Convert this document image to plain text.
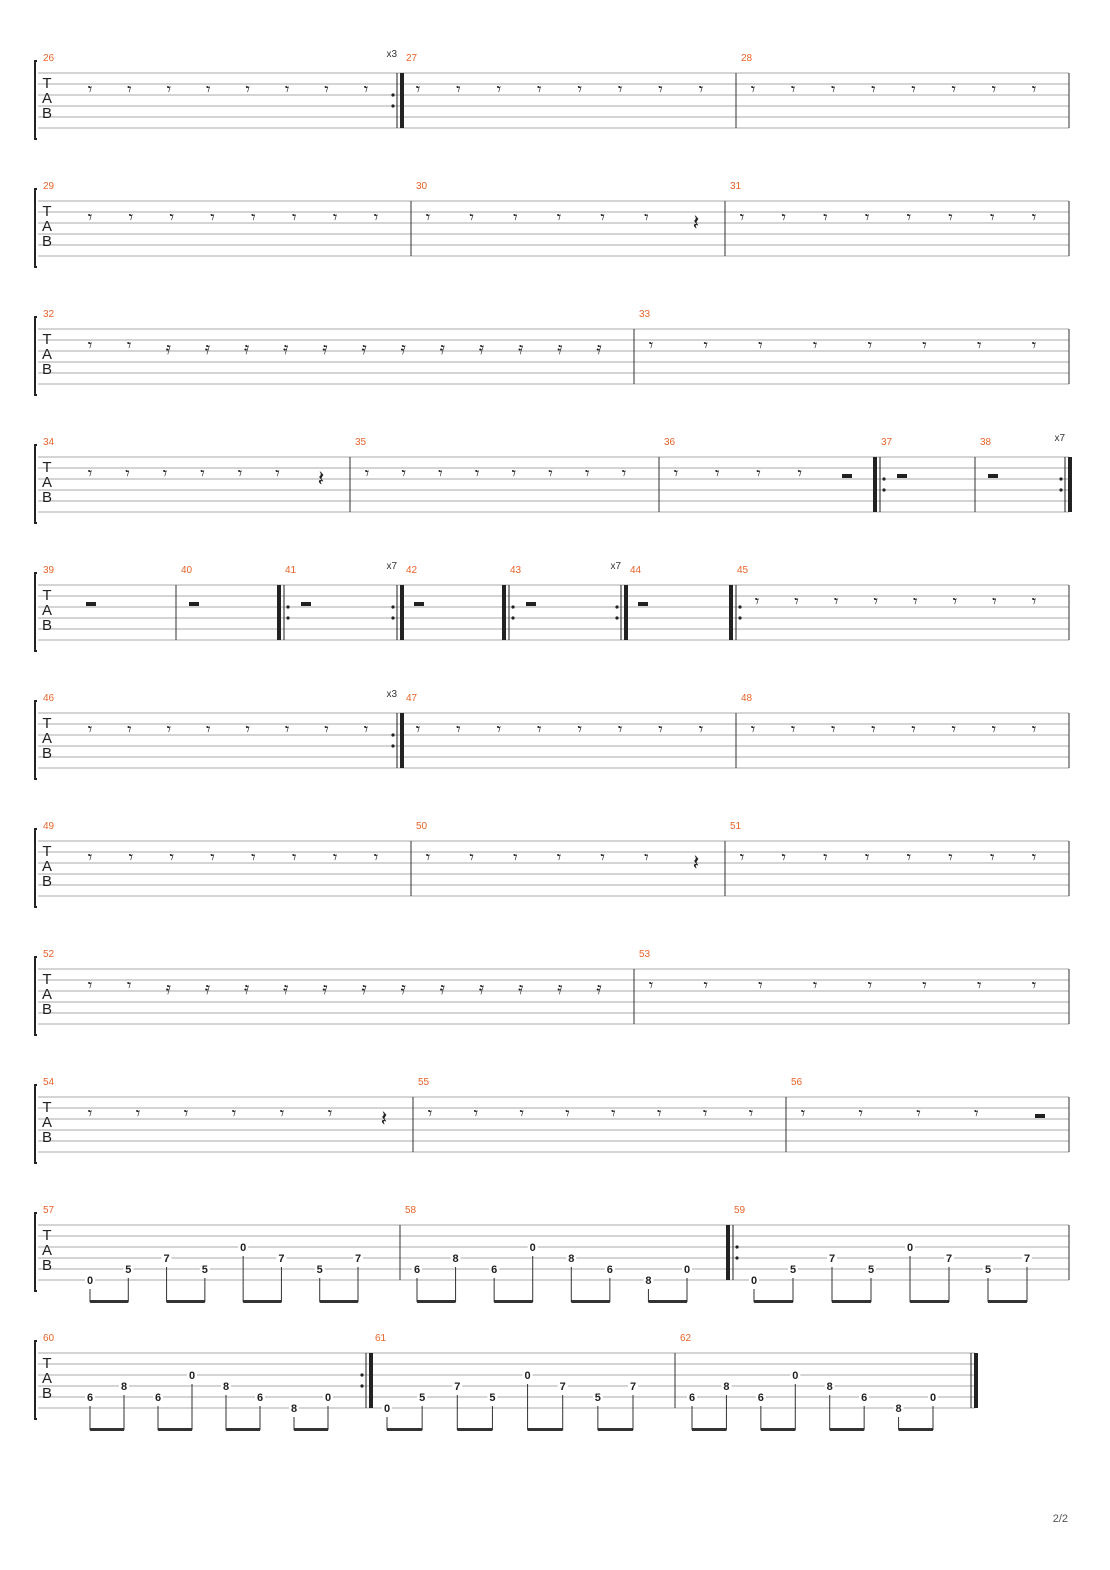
T
A
B
26	x3
𝄾 𝄾 𝄾 𝄾 𝄾 𝄾 𝄾 𝄾
27
𝄾 𝄾 𝄾 𝄾 𝄾 𝄾 𝄾 𝄾
28
𝄾 𝄾 𝄾 𝄾 𝄾 𝄾 𝄾 𝄾
T
A
B
29
𝄾 𝄾 𝄾 𝄾 𝄾 𝄾 𝄾 𝄾
30
𝄾 𝄾 𝄾 𝄾 𝄾 𝄾 𝄽
31
𝄾 𝄾 𝄾 𝄾 𝄾 𝄾 𝄾 𝄾
T
A
B
32
𝄾 𝄾 𝄿 𝄿 𝄿 𝄿 𝄿 𝄿 𝄿 𝄿 𝄿 𝄿 𝄿 𝄿
33
𝄾	𝄾	𝄾	𝄾	𝄾	𝄾	𝄾	𝄾
T
A
B
34
𝄾 𝄾 𝄾 𝄾 𝄾 𝄾 𝄽
35
𝄾 𝄾 𝄾 𝄾 𝄾 𝄾 𝄾 𝄾
36
𝄾 𝄾 𝄾 𝄾
37	38	x7
T
A
B
39	40	41	x7 42	43	x7 44	45
𝄾 𝄾 𝄾 𝄾 𝄾 𝄾 𝄾 𝄾
T
A
B
46	x3
𝄾 𝄾 𝄾 𝄾 𝄾 𝄾 𝄾 𝄾
47
𝄾 𝄾 𝄾 𝄾 𝄾 𝄾 𝄾 𝄾
48
𝄾 𝄾 𝄾 𝄾 𝄾 𝄾 𝄾 𝄾
T
A
B
49
𝄾 𝄾 𝄾 𝄾 𝄾 𝄾 𝄾 𝄾
50
𝄾 𝄾 𝄾 𝄾 𝄾 𝄾 𝄽
51
𝄾 𝄾 𝄾 𝄾 𝄾 𝄾 𝄾 𝄾
T
A
B
52
𝄾 𝄾 𝄿 𝄿 𝄿 𝄿 𝄿 𝄿 𝄿 𝄿 𝄿 𝄿 𝄿 𝄿
53
𝄾	𝄾	𝄾	𝄾	𝄾	𝄾	𝄾	𝄾
T
A
B
54
𝄾	𝄾	𝄾	𝄾	𝄾	𝄾 𝄽
55
𝄾 𝄾 𝄾 𝄾 𝄾 𝄾 𝄾 𝄾
56
𝄾	𝄾	𝄾	𝄾
T
A
B
57
0
5
7
5
0
7
5
7
58
6
8
6
0
8
6
8
0
59
0
5
7
5
0
7
5
7
T
A
B
60
6
8
6
0
8
6
8
0
61
0
5
7
5
0
7
5
7
62
6
8
6
0
8
6
8
0
2/2
